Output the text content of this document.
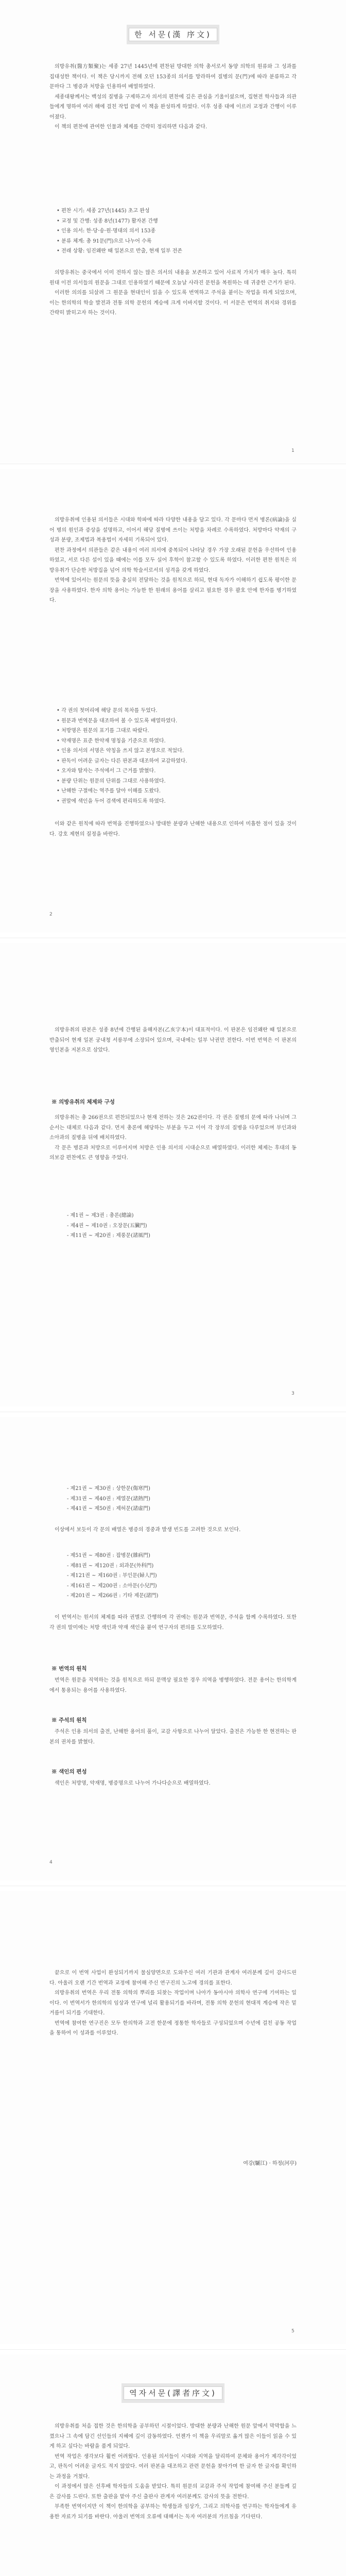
한 서문(漢 序文)

의방유취(醫方類聚)는 세종 27년 1445년에 편찬된 방대한 의학 총서로서 동양 의학의 원류와 그 성과를 집대성한 책이다. 이 책은 당시까지 전해 오던 153종의 의서를 망라하여 질병의 문(門)에 따라 분류하고 각 문마다 그 병증과 처방을 인용하여 배열하였다.

세종대왕께서는 백성의 질병을 구제하고자 의서의 편찬에 깊은 관심을 기울이셨으며, 집현전 학사들과 의관들에게 명하여 여러 해에 걸친 작업 끝에 이 책을 완성하게 하였다. 이후 성종 대에 이르러 교정과 간행이 이루어졌다.

이 책의 편찬에 관여한 인물과 체제를 간략히 정리하면 다음과 같다.

• 편찬 시기: 세종 27년(1445) 초고 완성
• 교정 및 간행: 성종 8년(1477) 활자본 간행
• 인용 의서: 한·당·송·원·명대의 의서 153종
• 분류 체계: 총 91문(門)으로 나누어 수록
• 전래 상황: 임진왜란 때 일본으로 반출, 현재 일부 전존

의방유취는 중국에서 이미 전하지 않는 많은 의서의 내용을 보존하고 있어 사료적 가치가 매우 높다. 특히 원대 이전 의서들의 원문을 그대로 인용하였기 때문에 오늘날 사라진 문헌을 복원하는 데 귀중한 근거가 된다.

이러한 의의를 되살려 그 원문을 현대인이 읽을 수 있도록 번역하고 주석을 붙이는 작업을 하게 되었으며, 이는 한의학의 학술 발전과 전통 의학 문헌의 계승에 크게 이바지할 것이다. 이 서문은 번역의 취지와 경위를 간략히 밝히고자 하는 것이다.

1

의방유취에 인용된 의서들은 시대와 학파에 따라 다양한 내용을 담고 있다. 각 문마다 먼저 병론(病論)을 실어 병의 원인과 증상을 설명하고, 이어서 해당 질병에 쓰이는 처방을 차례로 수록하였다. 처방마다 약재의 구성과 분량, 조제법과 복용법이 자세히 기록되어 있다.

편찬 과정에서 의관들은 같은 내용이 여러 의서에 중복되어 나타날 경우 가장 오래된 문헌을 우선하여 인용하였고, 서로 다른 설이 있을 때에는 이를 모두 실어 후학이 참고할 수 있도록 하였다. 이러한 편찬 원칙은 의방유취가 단순한 처방집을 넘어 의학 학술서로서의 성격을 갖게 하였다.

번역에 있어서는 원문의 뜻을 충실히 전달하는 것을 원칙으로 하되, 현대 독자가 이해하기 쉽도록 평이한 문장을 사용하였다. 한자 의학 용어는 가능한 한 원래의 용어를 살리고 필요한 경우 괄호 안에 한자를 병기하였다.

• 각 권의 첫머리에 해당 문의 목차를 두었다.
• 원문과 번역문을 대조하여 볼 수 있도록 배열하였다.
• 처방명은 원문의 표기를 그대로 따랐다.
• 약재명은 표준 한약재 명칭을 기준으로 하였다.
• 인용 의서의 서명은 약칭을 쓰지 않고 본명으로 적었다.
• 판독이 어려운 글자는 다른 판본과 대조하여 교감하였다.
• 오자와 탈자는 주석에서 그 근거를 밝혔다.
• 분량 단위는 원문의 단위를 그대로 사용하였다.
• 난해한 구절에는 역주를 달아 이해를 도왔다.
• 권말에 색인을 두어 검색에 편리하도록 하였다.

이와 같은 원칙에 따라 번역을 진행하였으나 방대한 분량과 난해한 내용으로 인하여 미흡한 점이 있을 것이다. 강호 제현의 질정을 바란다.

2

의방유취의 판본은 성종 8년에 간행된 을해자본(乙亥字本)이 대표적이다. 이 판본은 임진왜란 때 일본으로 반출되어 현재 일본 궁내청 서릉부에 소장되어 있으며, 국내에는 일부 낙권만 전한다. 이번 번역은 이 판본의 영인본을 저본으로 삼았다.

※ 의방유취의 체제와 구성

의방유취는 총 266권으로 편찬되었으나 현재 전하는 것은 262권이다. 각 권은 질병의 문에 따라 나뉘며 그 순서는 대체로 다음과 같다. 먼저 총론에 해당하는 부분을 두고 이어 각 장부의 질병을 다루었으며 부인과와 소아과의 질병을 뒤에 배치하였다.

각 문은 병론과 처방으로 이루어지며 처방은 인용 의서의 시대순으로 배열하였다. 이러한 체제는 후대의 동의보감 편찬에도 큰 영향을 주었다.

- 제1권 ~ 제3권 : 총론(總論)
- 제4권 ~ 제10권 : 오장문(五臟門)
- 제11권 ~ 제20권 : 제풍문(諸風門)
3
- 제21권 ~ 제30권 : 상한문(傷寒門)
- 제31권 ~ 제40권 : 제열문(諸熱門)
- 제41권 ~ 제50권 : 제허문(諸虛門)

이상에서 보듯이 각 문의 배열은 병증의 경중과 발생 빈도를 고려한 것으로 보인다.

- 제51권 ~ 제80권 : 잡병문(雜病門)
- 제81권 ~ 제120권 : 외과문(外科門)
- 제121권 ~ 제160권 : 부인문(婦人門)
- 제161권 ~ 제200권 : 소아문(小兒門)
- 제201권 ~ 제266권 : 기타 제문(諸門)

이 번역서는 원서의 체제를 따라 권별로 간행하며 각 권에는 원문과 번역문, 주석을 함께 수록하였다. 또한 각 권의 말미에는 처방 색인과 약재 색인을 붙여 연구자의 편의를 도모하였다.

※ 번역의 원칙

번역은 원문을 직역하는 것을 원칙으로 하되 문맥상 필요한 경우 의역을 병행하였다. 전문 용어는 한의학계에서 통용되는 용어를 사용하였다.

※ 주석의 원칙

주석은 인용 의서의 출전, 난해한 용어의 풀이, 교감 사항으로 나누어 달았다. 출전은 가능한 한 현전하는 판본의 권차를 밝혔다.

※ 색인의 편성

색인은 처방명, 약재명, 병증명으로 나누어 가나다순으로 배열하였다.

4

끝으로 이 번역 사업이 완성되기까지 물심양면으로 도와주신 여러 기관과 관계자 여러분께 깊이 감사드린다. 아울러 오랜 기간 번역과 교정에 참여해 주신 연구진의 노고에 경의를 표한다.

의방유취의 번역은 우리 전통 의학의 뿌리를 되찾는 작업이며 나아가 동아시아 의학사 연구에 기여하는 일이다. 이 번역서가 한의학의 임상과 연구에 널리 활용되기를 바라며, 전통 의학 문헌의 현대적 계승에 작은 밑거름이 되기를 기대한다.

번역에 참여한 연구진은 모두 한의학과 고전 한문에 정통한 학자들로 구성되었으며 수년에 걸친 공동 작업을 통하여 이 성과를 이루었다.

여강(驪江) · 하정(河亭)
5
역자서문(譯者序文)

의방유취를 처음 접한 것은 한의학을 공부하던 시절이었다. 방대한 분량과 난해한 원문 앞에서 막막함을 느꼈으나 그 속에 담긴 선인들의 지혜에 깊이 감동하였다. 언젠가 이 책을 우리말로 옮겨 많은 이들이 읽을 수 있게 하고 싶다는 바람을 품게 되었다.

번역 작업은 생각보다 훨씬 어려웠다. 인용된 의서들이 시대와 지역을 달리하여 문체와 용어가 제각각이었고, 판독이 어려운 글자도 적지 않았다. 여러 판본을 대조하고 관련 문헌을 찾아가며 한 글자 한 글자를 확인하는 과정을 거쳤다.

이 과정에서 많은 선후배 학자들의 도움을 받았다. 특히 원문의 교감과 주석 작업에 참여해 주신 분들께 깊은 감사를 드린다. 또한 출판을 맡아 주신 출판사 관계자 여러분께도 감사의 뜻을 전한다.

부족한 번역이지만 이 책이 한의학을 공부하는 학생들과 임상가, 그리고 의학사를 연구하는 학자들에게 유용한 자료가 되기를 바란다. 아울러 번역의 오류에 대해서는 독자 여러분의 가르침을 기다린다.
